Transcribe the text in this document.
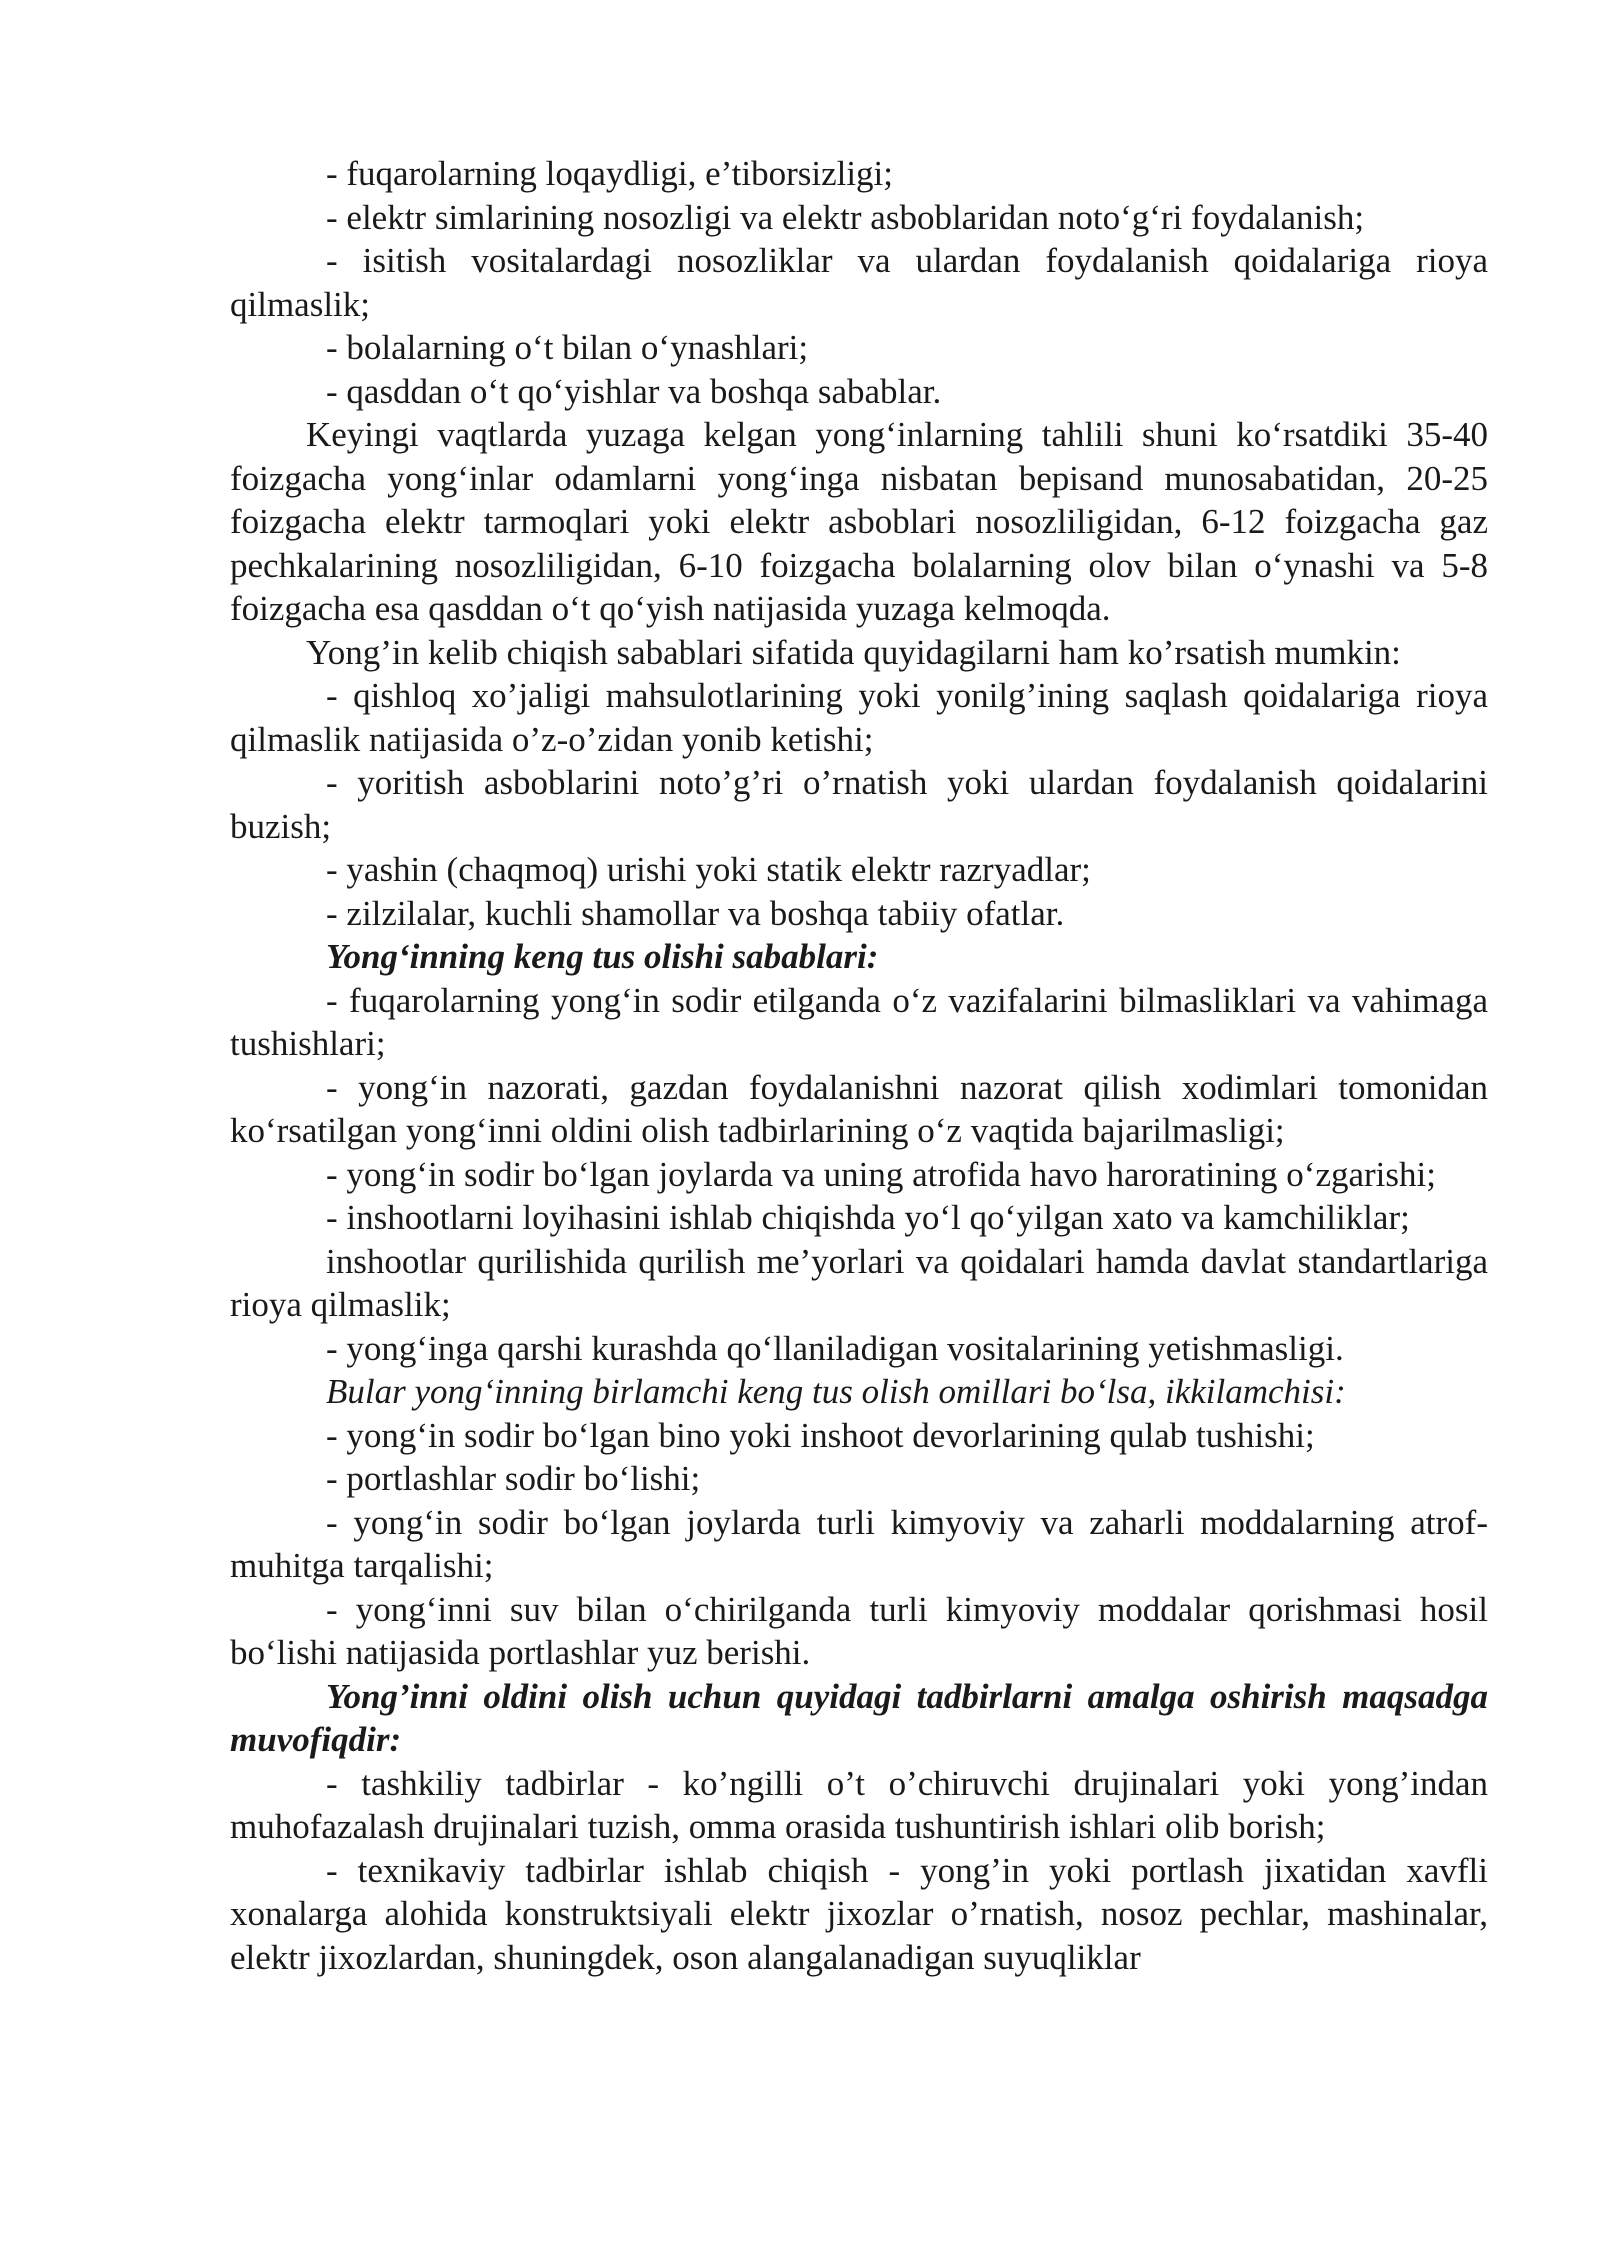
- fuqarolarning loqaydligi, e’tiborsizligi;

- elektr simlarining nosozligi va elektr asboblaridan noto‘g‘ri foydalanish;

- isitish vositalardagi nosozliklar va ulardan foydalanish qoidalariga rioya qilmaslik;

- bolalarning o‘t bilan o‘ynashlari;

- qasddan o‘t qo‘yishlar va boshqa sabablar.

Keyingi vaqtlarda yuzaga kelgan yong‘inlarning tahlili shuni ko‘rsatdiki 35-40 foizgacha yong‘inlar odamlarni yong‘inga nisbatan bepisand munosabatidan, 20-25 foizgacha elektr tarmoqlari yoki elektr asboblari nosozliligidan, 6-12 foizgacha gaz pechkalarining nosozliligidan, 6-10 foizgacha bolalarning olov bilan o‘ynashi va 5-8 foizgacha esa qasddan o‘t qo‘yish natijasida yuzaga kelmoqda.

Yong’in kelib chiqish sabablari sifatida quyidagilarni ham ko’rsatish mumkin:

- qishloq xo’jaligi mahsulotlarining yoki yonilg’ining saqlash qoidalariga rioya qilmaslik natijasida o’z-o’zidan yonib ketishi;

- yoritish asboblarini noto’g’ri o’rnatish yoki ulardan foydalanish qoidalarini buzish;

- yashin (chaqmoq) urishi yoki statik elektr razryadlar;

- zilzilalar, kuchli shamollar va boshqa tabiiy ofatlar.

Yong‘inning keng tus olishi sabablari:

- fuqarolarning yong‘in sodir etilganda o‘z vazifalarini bilmasliklari va vahimaga tushishlari;

- yong‘in nazorati, gazdan foydalanishni nazorat qilish xodimlari tomonidan ko‘rsatilgan yong‘inni oldini olish tadbirlarining o‘z vaqtida bajarilmasligi;

- yong‘in sodir bo‘lgan joylarda va uning atrofida havo haroratining o‘zgarishi;

- inshootlarni loyihasini ishlab chiqishda yo‘l qo‘yilgan xato va kamchiliklar;

inshootlar qurilishida qurilish me’yorlari va qoidalari hamda davlat standartlariga rioya qilmaslik;

- yong‘inga qarshi kurashda qo‘llaniladigan vositalarining yetishmasligi.

Bular yong‘inning birlamchi keng tus olish omillari bo‘lsa, ikkilamchisi:

- yong‘in sodir bo‘lgan bino yoki inshoot devorlarining qulab tushishi;

- portlashlar sodir bo‘lishi;

- yong‘in sodir bo‘lgan joylarda turli kimyoviy va zaharli moddalarning atrof-muhitga tarqalishi;

- yong‘inni suv bilan o‘chirilganda turli kimyoviy moddalar qorishmasi hosil bo‘lishi natijasida portlashlar yuz berishi.

Yong’inni oldini olish uchun quyidagi tadbirlarni amalga oshirish maqsadga muvofiqdir:

- tashkiliy tadbirlar - ko’ngilli o’t o’chiruvchi drujinalari yoki yong’indan muhofazalash drujinalari tuzish, omma orasida tushuntirish ishlari olib borish;

- texnikaviy tadbirlar ishlab chiqish - yong’in yoki portlash jixatidan xavfli xonalarga alohida konstruktsiyali elektr jixozlar o’rnatish, nosoz pechlar, mashinalar, elektr jixozlardan, shuningdek, oson alangalanadigan suyuqliklar
